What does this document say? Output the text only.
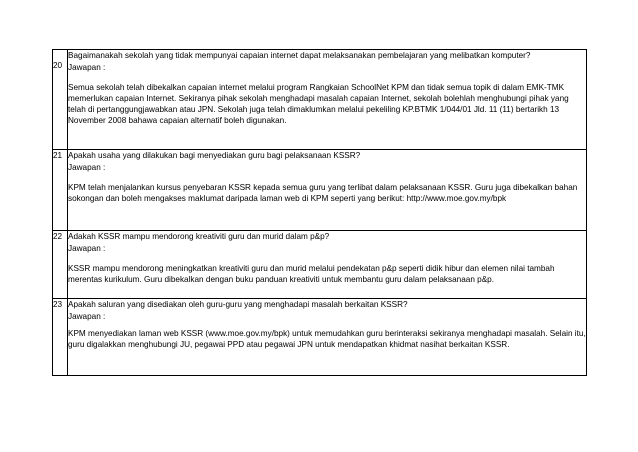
20	Bagaimanakah sekolah yang tidak mempunyai capaian internet dapat melaksanakan pembelajaran yang melibatkan komputer?

Jawapan :

Semua sekolah telah dibekalkan capaian internet melalui program Rangkaian SchoolNet KPM dan tidak semua topik di dalam EMK-TMK memerlukan capaian Internet. Sekiranya pihak sekolah menghadapi masalah capaian Internet, sekolah bolehlah menghubungi pihak yang telah di pertanggungjawabkan atau JPN. Sekolah juga telah dimaklumkan melalui pekeliling KP.BTMK 1/044/01 Jld. 11 (11) bertarikh 13 November 2008 bahawa capaian alternatif boleh digunakan.

21	Apakah usaha yang dilakukan bagi menyediakan guru bagi pelaksanaan KSSR?

Jawapan :

KPM telah menjalankan kursus penyebaran KSSR kepada semua guru yang terlibat dalam pelaksanaan KSSR. Guru juga dibekalkan bahan sokongan dan boleh mengakses maklumat daripada laman web di KPM seperti yang berikut: http://www.moe.gov.my/bpk

22	Adakah KSSR mampu mendorong kreativiti guru dan murid dalam p&p?

Jawapan :

KSSR mampu mendorong meningkatkan kreativiti guru dan murid melalui pendekatan p&p seperti didik hibur dan elemen nilai tambah merentas kurikulum. Guru dibekalkan dengan buku panduan kreativiti untuk membantu guru dalam pelaksanaan p&p.

23	Apakah saluran yang disediakan oleh guru-guru yang menghadapi masalah berkaitan KSSR?

Jawapan :

KPM menyediakan laman web KSSR (www.moe.gov.my/bpk) untuk memudahkan guru berinteraksi sekiranya menghadapi masalah. Selain itu, guru digalakkan menghubungi JU, pegawai PPD atau pegawai JPN untuk mendapatkan khidmat nasihat berkaitan KSSR.
